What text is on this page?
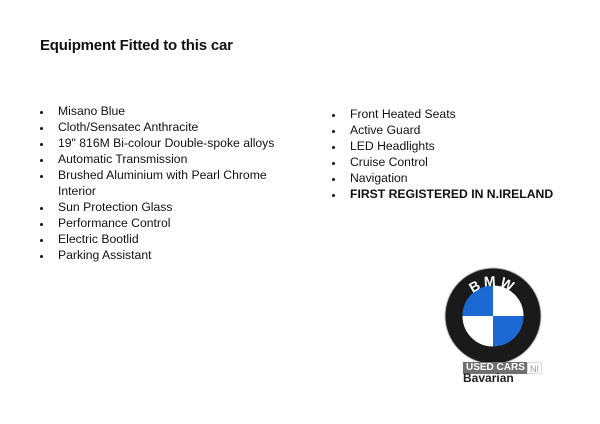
Equipment Fitted to this car
Misano Blue
Cloth/Sensatec Anthracite
19" 816M Bi-colour Double-spoke alloys
Automatic Transmission
Brushed Aluminium with Pearl Chrome Interior
Sun Protection Glass
Performance Control
Electric Bootlid
Parking Assistant
Front Heated Seats
Active Guard
LED Headlights
Cruise Control
Navigation
FIRST REGISTERED IN N.IRELAND
BMW
USED CARS NI
Bavarian
